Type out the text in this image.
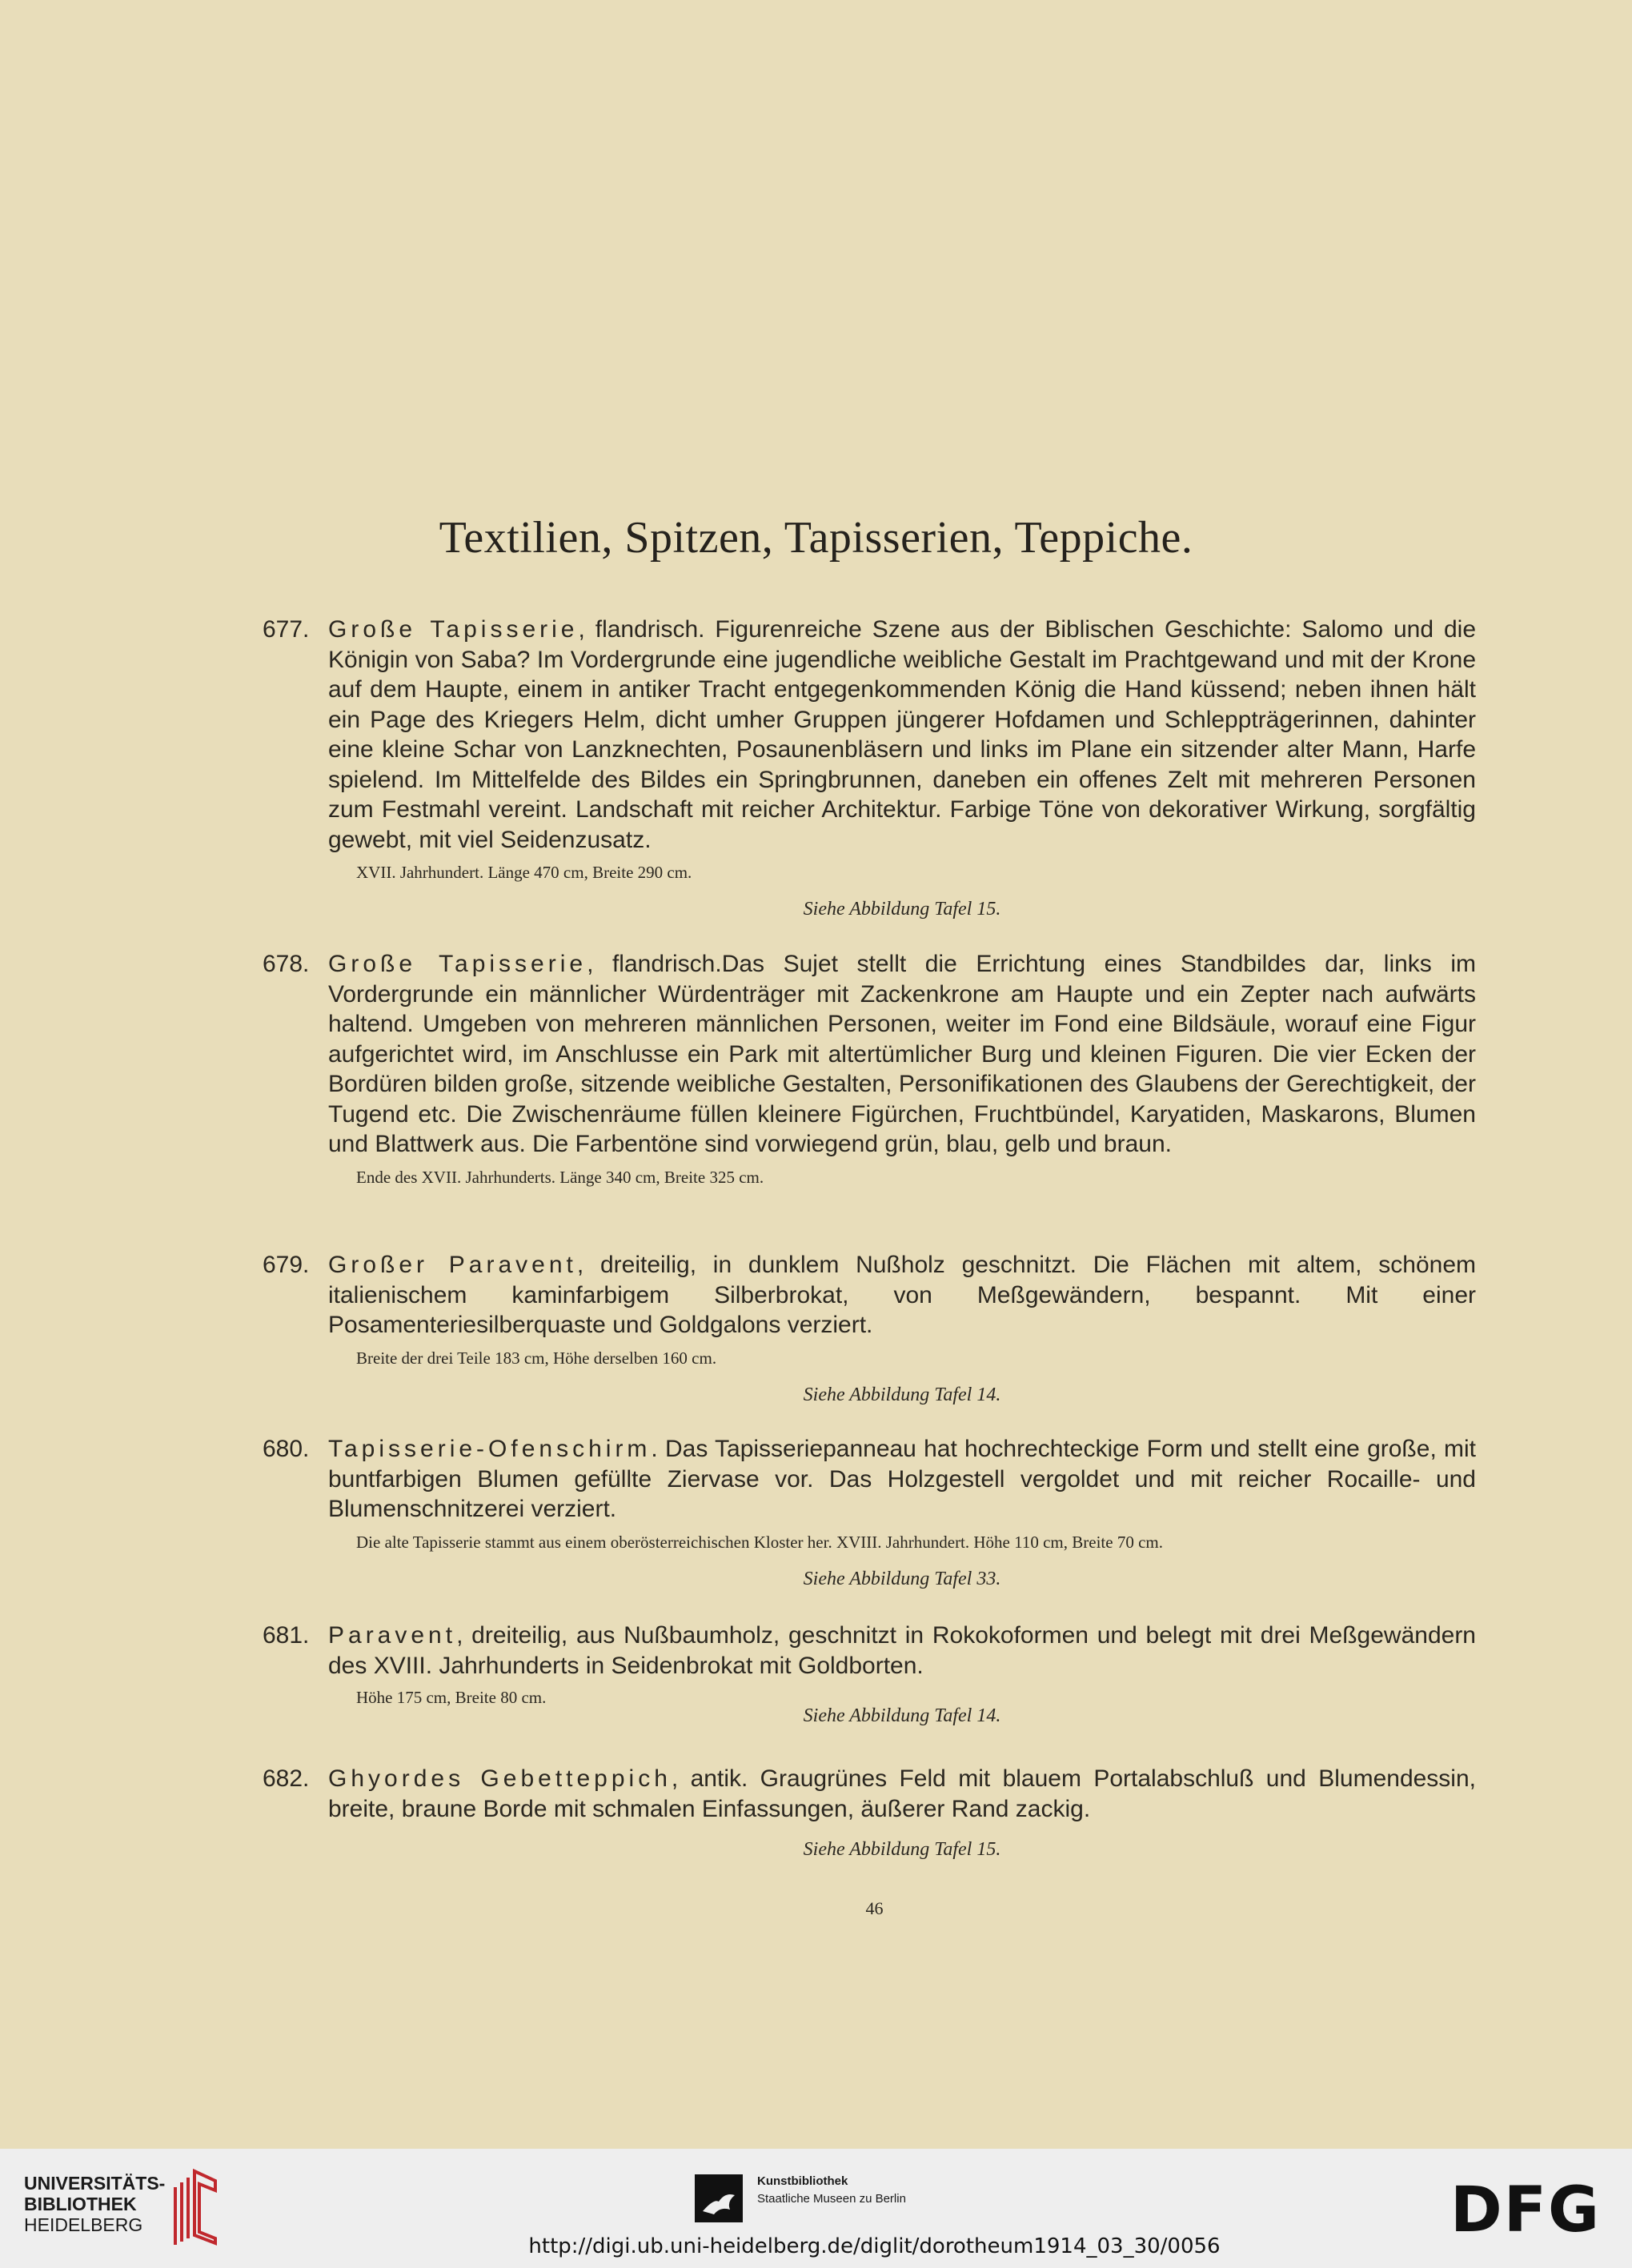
Textilien, Spitzen, Tapisserien, Teppiche.
677. Große Tapisserie, flandrisch. Figurenreiche Szene aus der Biblischen Geschichte: Salomo und die Königin von Saba? Im Vordergrunde eine jugendliche weibliche Gestalt im Prachtgewand und mit der Krone auf dem Haupte, einem in antiker Tracht entgegenkommenden König die Hand küssend; neben ihnen hält ein Page des Kriegers Helm, dicht umher Gruppen jüngerer Hofdamen und Schleppträgerinnen, dahinter eine kleine Schar von Lanzknechten, Posaunenbläsern und links im Plane ein sitzender alter Mann, Harfe spielend. Im Mittelfelde des Bildes ein Springbrunnen, daneben ein offenes Zelt mit mehreren Personen zum Festmahl vereint. Landschaft mit reicher Architektur. Farbige Töne von dekorativer Wirkung, sorgfältig gewebt, mit viel Seidenzusatz.
XVII. Jahrhundert. Länge 470 cm, Breite 290 cm.
Siehe Abbildung Tafel 15.
678. Große Tapisserie, flandrisch.Das Sujet stellt die Errichtung eines Standbildes dar, links im Vordergrunde ein männlicher Würdenträger mit Zackenkrone am Haupte und ein Zepter nach aufwärts haltend. Umgeben von mehreren männlichen Personen, weiter im Fond eine Bildsäule, worauf eine Figur aufgerichtet wird, im Anschlusse ein Park mit altertümlicher Burg und kleinen Figuren. Die vier Ecken der Bordüren bilden große, sitzende weibliche Gestalten, Personifikationen des Glaubens der Gerechtigkeit, der Tugend etc. Die Zwischenräume füllen kleinere Figürchen, Fruchtbündel, Karyatiden, Maskarons, Blumen und Blattwerk aus. Die Farbentöne sind vorwiegend grün, blau, gelb und braun.
Ende des XVII. Jahrhunderts. Länge 340 cm, Breite 325 cm.
679. Großer Paravent, dreiteilig, in dunklem Nußholz geschnitzt. Die Flächen mit altem, schönem italienischem kaminfarbigem Silberbrokat, von Meßgewändern, bespannt. Mit einer Posamenteriesilberquaste und Goldgalons verziert.
Breite der drei Teile 183 cm, Höhe derselben 160 cm.
Siehe Abbildung Tafel 14.
680. Tapisserie-Ofenschirm. Das Tapisseriepanneau hat hochrechteckige Form und stellt eine große, mit buntfarbigen Blumen gefüllte Ziervase vor. Das Holzgestell vergoldet und mit reicher Rocaille- und Blumenschnitzerei verziert.
Die alte Tapisserie stammt aus einem oberösterreichischen Kloster her. XVIII. Jahrhundert. Höhe 110 cm, Breite 70 cm.
Siehe Abbildung Tafel 33.
681. Paravent, dreiteilig, aus Nußbaumholz, geschnitzt in Rokokoformen und belegt mit drei Meßgewändern des XVIII. Jahrhunderts in Seidenbrokat mit Goldborten.
Höhe 175 cm, Breite 80 cm.
Siehe Abbildung Tafel 14.
682. Ghyordes Gebetteppich, antik. Graugrünes Feld mit blauem Portalabschluß und Blumendessin, breite, braune Borde mit schmalen Einfassungen, äußerer Rand zackig.
Siehe Abbildung Tafel 15.
46
UNIVERSITÄTS-
BIBLIOTHEK
HEIDELBERG
Kunstbibliothek
Staatliche Museen zu Berlin	DFG
http://digi.ub.uni-heidelberg.de/diglit/dorotheum1914_03_30/0056
